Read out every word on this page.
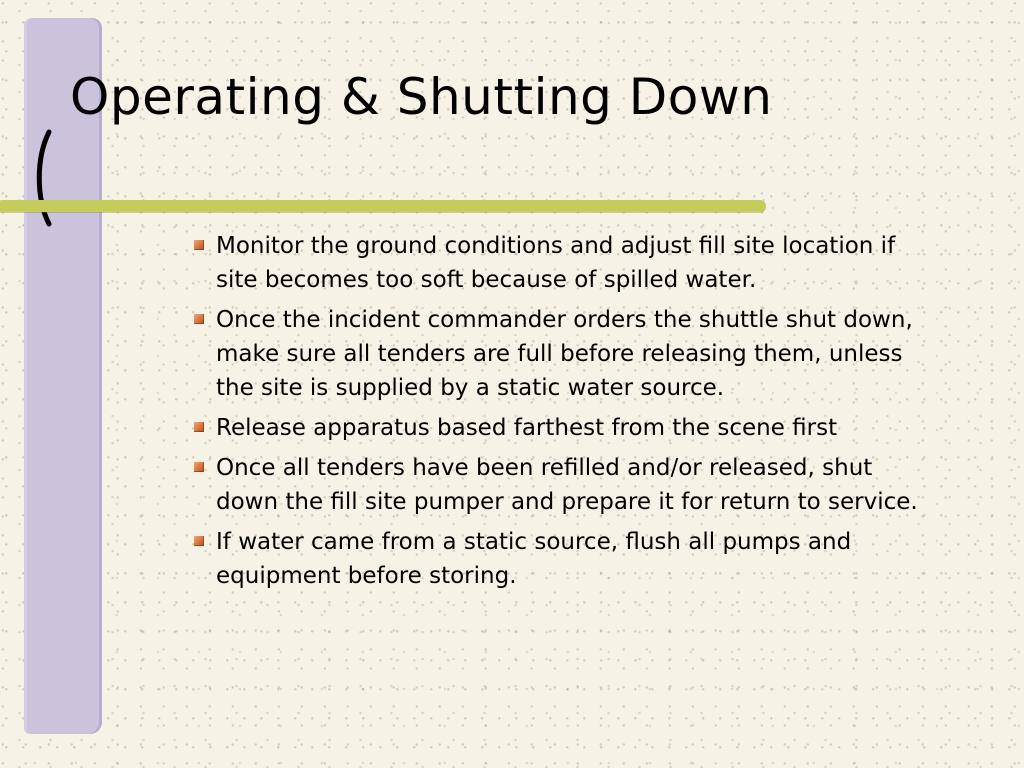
Operating & Shutting Down
Monitor the ground conditions and adjust fill site location if site becomes too soft because of spilled water.
Once the incident commander orders the shuttle shut down, make sure all tenders are full before releasing them, unless the site is supplied by a static water source.
Release apparatus based farthest from the scene first
Once all tenders have been refilled and/or released, shut down the fill site pumper and prepare it for return to service.
If water came from a static source, flush all pumps and equipment before storing.
